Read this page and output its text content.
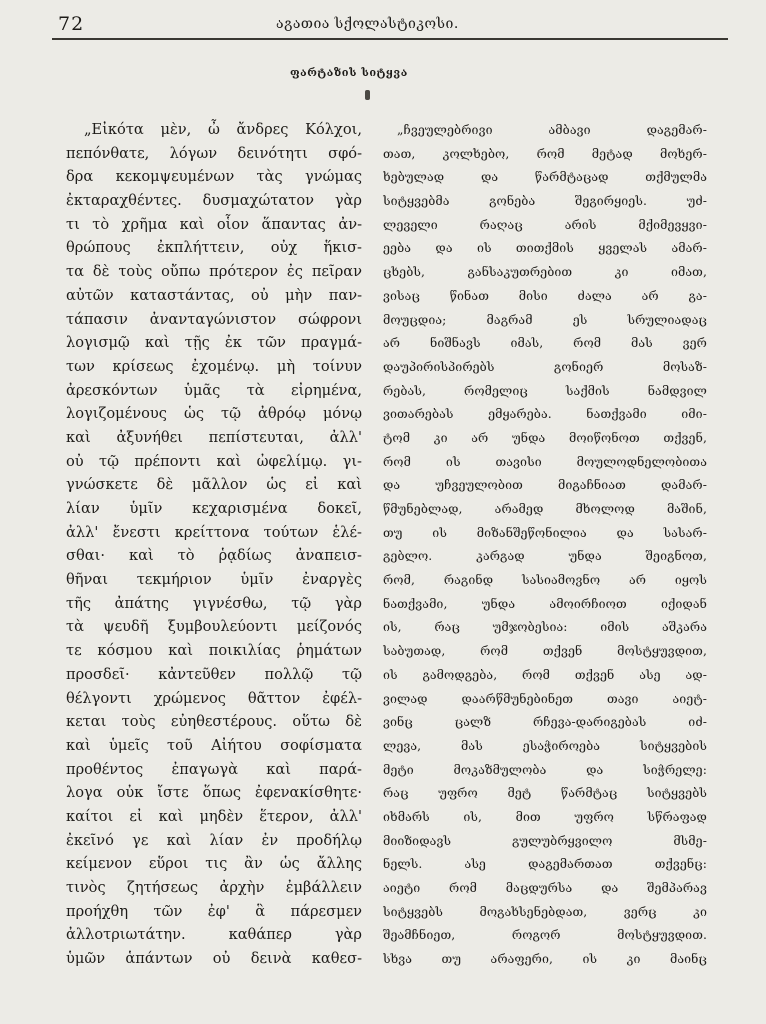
72	აგათია სქოლასტიკოსი.
ფარტაზის სიტყვა
„Εἰκότα μὲν, ὦ ἄνδρες Κόλχοι,
πεπόνθατε, λόγων δεινότητι σφό-
δρα κεκομψευμένων τὰς γνώμας
ἐκταραχθέντες. δυσμαχώτατον γὰρ
τι τὸ χρῆμα καὶ οἷον ἅπαντας ἀν-
θρώπους ἐκπλήττειν, οὐχ ἥκισ-
τα δὲ τοὺς οὔπω πρότερον ἐς πεῖραν
αὐτῶν καταστάντας, οὐ μὴν παν-
τάπασιν ἀνανταγώνιστον σώφρονι
λογισμῷ καὶ τῇς ἐκ τῶν πραγμά-
των κρίσεως ἐχομένῳ. μὴ τοίνυν
ἀρεσκόντων ὑμᾶς τὰ εἰρημένα,
λογιζομένους ὡς τῷ ἀθρόῳ μόνῳ
καὶ ἀξυνήθει πεπίστευται, ἀλλ'
οὐ τῷ πρέποντι καὶ ὠφελίμῳ. γι-
γνώσκετε δὲ μᾶλλον ὡς εἰ καὶ
λίαν ὑμῖν κεχαρισμένα δοκεῖ,
ἀλλ' ἔνεστι κρείττονα τούτων ἑλέ-
σθαι· καὶ τὸ ῥᾳδίως ἀναπεισ-
θῆναι τεκμήριον ὑμῖν ἐναργὲς
τῆς ἀπάτης γιγνέσθω, τῷ γὰρ
τὰ ψευδῆ ξυμβουλεύοντι μείζονός
τε κόσμου καὶ ποικιλίας ῥημάτων
προσδεῖ· κἀντεῦθεν πολλῷ τῷ
θέλγοντι χρώμενος θᾶττον ἐφέλ-
κεται τοὺς εὐηθεστέρους. οὕτω δὲ
καὶ ὑμεῖς τοῦ Αἰήτου σοφίσματα
προθέντος ἐπαγωγὰ καὶ παρά-
λογα οὐκ ἴστε ὅπως ἐφενακίσθητε·
καίτοι εἰ καὶ μηδὲν ἕτερον, ἀλλ'
ἐκεῖνό γε καὶ λίαν ἐν προδήλῳ
κείμενον εὕροι τις ἂν ὡς ἄλλης
τινὸς ζητήσεως ἀρχὴν ἐμβάλλειν
προήχθη τῶν ἐφ' ἃ πάρεσμεν
ἀλλοτριωτάτην. καθάπερ γὰρ
ὑμῶν ἁπάντων οὐ δεινὰ καθεσ-
„ჩვეულებრივი ამბავი დაგემარ-
თათ, კოლხებო, რომ მეტად მოხერ-
ხებულად და წარმტაცად თქმულმა
სიტყვებმა გონება შეგირყიეს. უძ-
ლეველი რაღაც არის მქიმევყვი-
ეება და ის თითქმის ყველას ამარ-
ცხებს, განსაკუთრებით კი იმათ,
ვისაც წინათ მისი ძალა არ გა-
მოუცდია; მაგრამ ეს სრულიადაც
არ ნიშნავს იმას, რომ მას ვერ
დაუპირისპირებს გონიერ მოსაზ-
რებას, რომელიც საქმის ნამდვილ
ვითარებას ემყარება. ნათქვამი იმი-
ტომ კი არ უნდა მოიწონოთ თქვენ,
რომ ის თავისი მოულოდნელობითა
და უჩვეულობით მიგაჩნიათ დამარ-
წმუნებლად, არამედ მხოლოდ მაშინ,
თუ ის მიზანშეწონილია და სასარ-
გებლო. კარგად უნდა შეიგნოთ,
რომ, რაგინდ სასიამოვნო არ იყოს
ნათქვამი, უნდა ამოირჩიოთ იქიდან
ის, რაც უმჯობესია: იმის აშკარა
საბუთად, რომ თქვენ მოსტყუვდით,
ის გამოდგება, რომ თქვენ ასე ად-
ვილად დაარწმუნებინეთ თავი აიეტ-
ვინც ცალზ რჩევა-დარიგებას იძ-
ლევა, მას ესაჭიროება სიტყვების
მეტი მოკაზმულობა და სიჭრელე:
რაც უფრო მეტ წარმტაც სიტყვებს
იხმარს ის, მით უფრო სწრაფად
მიიზიდავს გულუბრყვილო მსმე-
ნელს. ასე დაგემართათ თქვენც:
აიეტი რომ მაცდურსა და შემპარავ
სიტყვებს მოგახსენებდათ, ვერც კი
შეამჩნიეთ, როგორ მოსტყუვდით.
სხვა თუ არაფერი, ის კი მაინც
